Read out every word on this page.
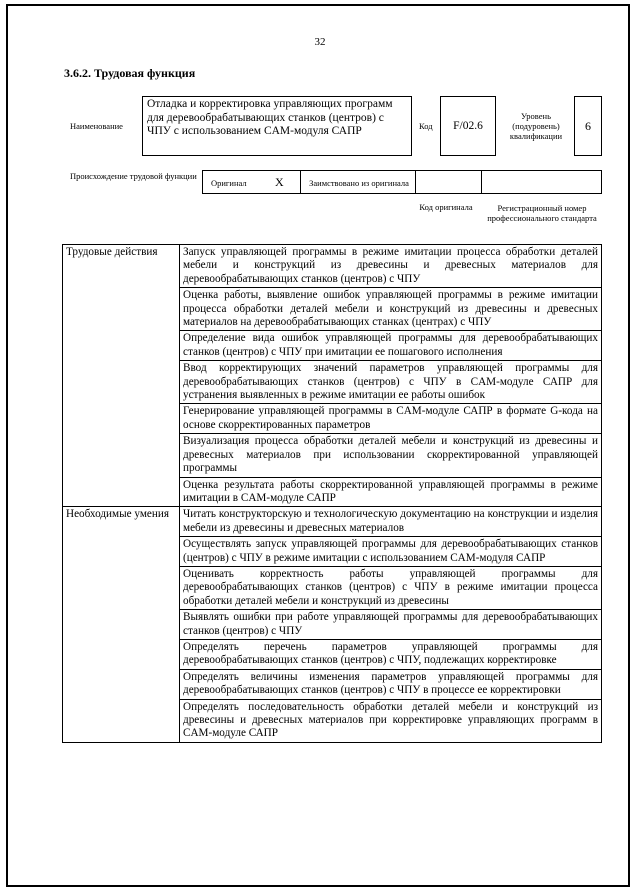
32
3.6.2. Трудовая функция
Наименование
Отладка и корректировка управляющих программ для деревообрабатывающих станков (центров) с ЧПУ с использованием CAM-модуля САПР	Код	F/02.6
Уровень (подуровень) квалификации
6
Происхождение трудовой функции
Оригинал X	Заимствовано из оригинала
Код оригинала	Регистрационный номер профессионального стандарта
Трудовые действия	Запуск управляющей программы в режиме имитации процесса обработки деталей мебели и конструкций из древесины и древесных материалов для деревообрабатывающих станков (центров) с ЧПУ
	Оценка работы, выявление ошибок управляющей программы в режиме имитации процесса обработки деталей мебели и конструкций из древесины и древесных материалов на деревообрабатывающих станках (центрах) с ЧПУ
	Определение вида ошибок управляющей программы для деревообрабатывающих станков (центров) с ЧПУ при имитации ее пошагового исполнения
	Ввод корректирующих значений параметров управляющей программы для деревообрабатывающих станков (центров) с ЧПУ в CAM-модуле САПР для устранения выявленных в режиме имитации ее работы ошибок
	Генерирование управляющей программы в CAM-модуле САПР в формате G-кода на основе скорректированных параметров
	Визуализация процесса обработки деталей мебели и конструкций из древесины и древесных материалов при использовании скорректированной управляющей программы
	Оценка результата работы скорректированной управляющей программы в режиме имитации в CAM-модуле САПР
Необходимые умения	Читать конструкторскую и технологическую документацию на конструкции и изделия мебели из древесины и древесных материалов
	Осуществлять запуск управляющей программы для деревообрабатывающих станков (центров) с ЧПУ в режиме имитации с использованием CAM-модуля САПР
	Оценивать корректность работы управляющей программы для деревообрабатывающих станков (центров) с ЧПУ в режиме имитации процесса обработки деталей мебели и конструкций из древесины
	Выявлять ошибки при работе управляющей программы для деревообрабатывающих станков (центров) с ЧПУ
	Определять перечень параметров управляющей программы для деревообрабатывающих станков (центров) с ЧПУ, подлежащих корректировке
	Определять величины изменения параметров управляющей программы для деревообрабатывающих станков (центров) с ЧПУ в процессе ее корректировки
	Определять последовательность обработки деталей мебели и конструкций из древесины и древесных материалов при корректировке управляющих программ в CAM-модуле САПР
